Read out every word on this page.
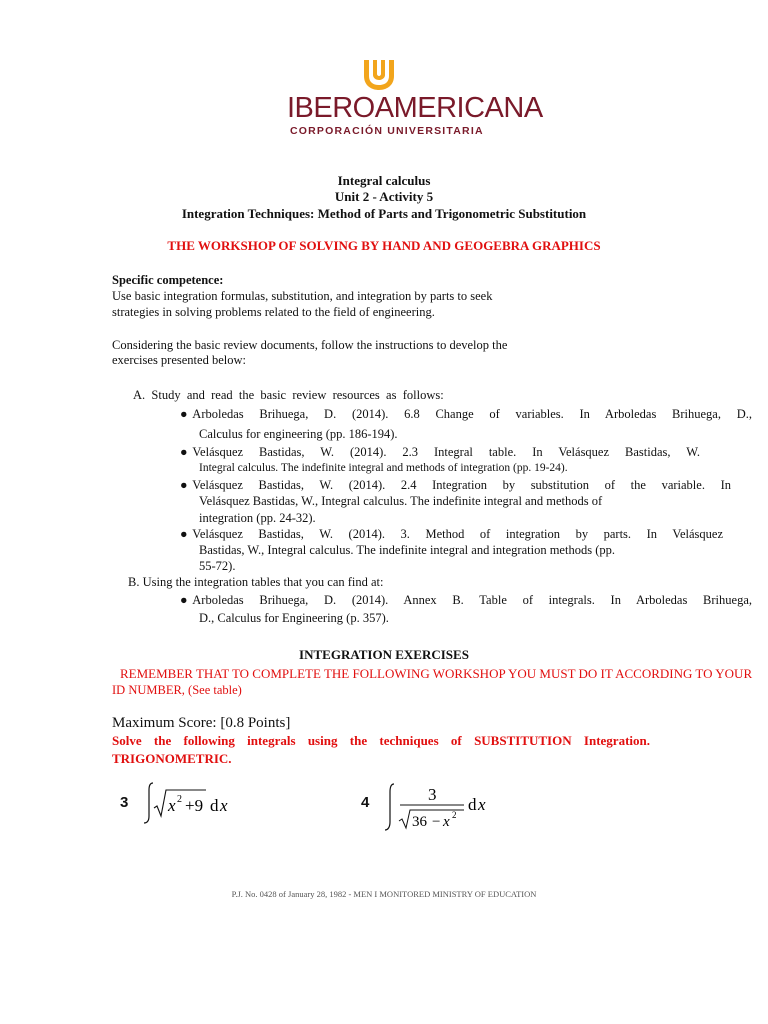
IBEROAMERICANA
CORPORACIÓN UNIVERSITARIA
Integral calculus
Unit 2 - Activity 5
Integration Techniques: Method of Parts and Trigonometric Substitution
THE WORKSHOP OF SOLVING BY HAND AND GEOGEBRA GRAPHICS
Specific competence:
Use basic integration formulas, substitution, and integration by parts to seek
strategies in solving problems related to the field of engineering.
Considering the basic review documents, follow the instructions to develop the
exercises presented below:
A.  Study  and  read  the  basic  review  resources  as  follows:
●Arboledas  Brihuega,  D.  (2014).  6.8  Change  of  variables.  In  Arboledas  Brihuega,  D.,
Calculus for engineering (pp. 186-194).
●Velásquez  Bastidas,  W.  (2014).  2.3  Integral  table.  In  Velásquez  Bastidas,  W.
Integral calculus. The indefinite integral and methods of integration (pp. 19-24).
●Velásquez  Bastidas,  W.  (2014).  2.4  Integration  by  substitution  of  the  variable.  In
Velásquez Bastidas, W., Integral calculus. The indefinite integral and methods of
integration (pp. 24-32).
●Velásquez  Bastidas,  W.  (2014).  3.  Method  of  integration  by  parts.  In  Velásquez
Bastidas, W., Integral calculus. The indefinite integral and integration methods (pp.
55-72).
B. Using the integration tables that you can find at:
●Arboledas  Brihuega,  D.  (2014).  Annex  B.  Table  of  integrals.  In  Arboledas  Brihuega,
D., Calculus for Engineering (p. 357).
INTEGRATION EXERCISES
REMEMBER THAT TO COMPLETE THE FOLLOWING WORKSHOP YOU MUST DO IT ACCORDING TO YOUR
ID NUMBER, (See table)
Maximum Score: [0.8 Points]
Solve  the  following  integrals  using  the  techniques  of  SUBSTITUTION  Integration.
TRIGONOMETRIC.
3 x 2 +9 d x	4	3
36 − x 2
d x
P.J. No. 0428 of January 28, 1982 - MEN I MONITORED MINISTRY OF EDUCATION
